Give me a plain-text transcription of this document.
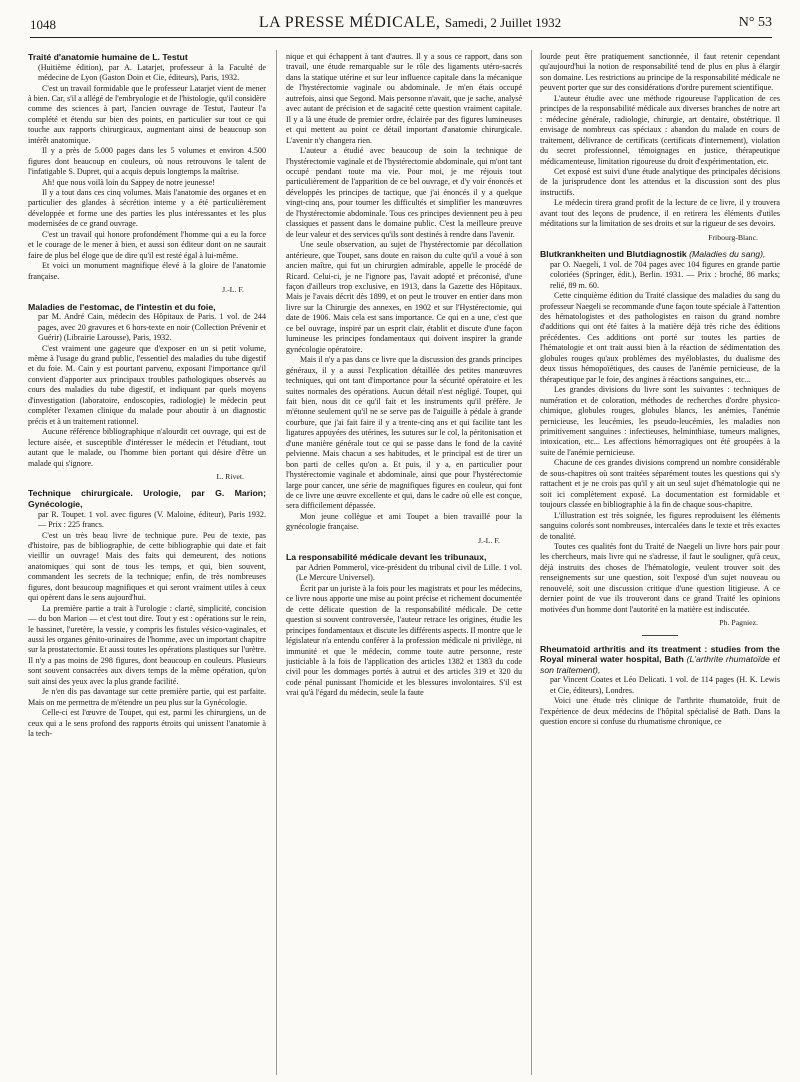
1048	LA PRESSE MÉDICALE, Samedi, 2 Juillet 1932	N° 53
Traité d'anatomie humaine de L. Testut

(Huitième édition), par A. Latarjet, professeur à la Faculté de médecine de Lyon (Gaston Doin et Cie, éditeurs), Paris, 1932.

C'est un travail formidable que le professeur Latarjet vient de mener à bien. Car, s'il a allégé de l'embryologie et de l'histologie, qu'il considère comme des sciences à part, l'ancien ouvrage de Testut, l'auteur l'a complété et étendu sur bien des points, en particulier sur tout ce qui touche aux rapports chirurgicaux, augmentant ainsi de beaucoup son intérêt anatomique.

Il y a près de 5.000 pages dans les 5 volumes et environ 4.500 figures dont beaucoup en couleurs, où nous retrouvons le talent de l'infatigable S. Dupret, qui a acquis depuis longtemps la maîtrise.

Ah! que nous voilà loin du Sappey de notre jeunesse!

Il y a tout dans ces cinq volumes. Mais l'anatomie des organes et en particulier des glandes à sécrétion interne y a été particulièrement développée et forme une des parties les plus intéressantes et les plus modernisées de ce grand ouvrage.

C'est un travail qui honore profondément l'homme qui a eu la force et le courage de le mener à bien, et aussi son éditeur dont on ne saurait faire de plus bel éloge que de dire qu'il est resté égal à lui-même.

Et voici un monument magnifique élevé à la gloire de l'anatomie française.

J.-L. F.
Maladies de l'estomac, de l'intestin et du foie,

par M. André Cain, médecin des Hôpitaux de Paris. 1 vol. de 244 pages, avec 20 gravures et 6 hors-texte en noir (Collection Prévenir et Guérir) (Librairie Larousse), Paris, 1932.

C'est vraiment une gageure que d'exposer en un si petit volume, même à l'usage du grand public, l'essentiel des maladies du tube digestif et du foie. M. Cain y est pourtant parvenu, exposant l'importance qu'il convient d'apporter aux principaux troubles pathologiques observés au cours des maladies du tube digestif, et indiquant par quels moyens d'investigation (laboratoire, endoscopies, radiologie) le médecin peut compléter l'examen clinique du malade pour aboutir à un diagnostic précis et à un traitement rationnel.

Aucune référence bibliographique n'alourdit cet ouvrage, qui est de lecture aisée, et susceptible d'intéresser le médecin et l'étudiant, tout autant que le malade, ou l'homme bien portant qui désire d'être un malade qui s'ignore.

L. Rivet.
Technique chirurgicale. Urologie, par G. Marion; Gynécologie,

par R. Toupet. 1 vol. avec figures (V. Maloine, éditeur), Paris 1932. — Prix : 225 francs.

C'est un très beau livre de technique pure. Peu de texte, pas d'histoire, pas de bibliographie, de cette bibliographie qui date et fait vieillir un ouvrage! Mais des faits qui demeurent, des notions anatomiques qui sont de tous les temps, et qui, bien souvent, commandent les secrets de la technique; enfin, de très nombreuses figures, dont beaucoup magnifiques et qui seront vraiment utiles à ceux qui opèrent dans le sens aujourd'hui.

La première partie a trait à l'urologie : clarté, simplicité, concision — du bon Marion — et c'est tout dire. Tout y est : opérations sur le rein, le bassinet, l'uretère, la vessie, y compris les fistules vésico-vaginales, et aussi les organes génito-urinaires de l'homme, avec un important chapitre sur la prostatectomie. Et aussi toutes les opérations plastiques sur l'urètre. Il n'y a pas moins de 298 figures, dont beaucoup en couleurs. Plusieurs sont souvent consacrées aux divers temps de la même opération, qu'on suit ainsi des yeux avec la plus grande facilité.

Je n'en dis pas davantage sur cette première partie, qui est parfaite. Mais on me permettra de m'étendre un peu plus sur la Gynécologie.

Celle-ci est l'œuvre de Toupet, qui est, parmi les chirurgiens, un de ceux qui a le sens profond des rapports étroits qui unissent l'anatomie à la tech-

nique et qui échappent à tant d'autres. Il y a sous ce rapport, dans son travail, une étude remarquable sur le rôle des ligaments utéro-sacrés dans la statique utérine et sur leur influence capitale dans la mécanique de l'hystérectomie vaginale ou abdominale. Je m'en étais occupé autrefois, ainsi que Segond. Mais personne n'avait, que je sache, analysé avec autant de précision et de sagacité cette question vraiment capitale. Il y a là une étude de premier ordre, éclairée par des figures lumineuses et qui mettent au point ce détail important d'anatomie chirurgicale. L'avenir n'y changera rien.

L'auteur a étudié avec beaucoup de soin la technique de l'hystérectomie vaginale et de l'hystérectomie abdominale, qui m'ont tant occupé pendant toute ma vie. Pour moi, je me réjouis tout particulièrement de l'apparition de ce bel ouvrage, et d'y voir énoncés et développés les principes de tactique, que j'ai énoncés il y a quelque vingt-cinq ans, pour tourner les difficultés et simplifier les manœuvres de l'hystérectomie abdominale. Tous ces principes deviennent peu à peu classiques et passent dans le domaine public. C'est la meilleure preuve de leur valeur et des services qu'ils sont destinés à rendre dans l'avenir.

Une seule observation, au sujet de l'hystérectomie par décollation antérieure, que Toupet, sans doute en raison du culte qu'il a voué à son ancien maître, qui fut un chirurgien admirable, appelle le procédé de Ricard. Celui-ci, je ne l'ignore pas, l'avait adopté et préconisé, d'une façon d'ailleurs trop exclusive, en 1913, dans la Gazette des Hôpitaux. Mais je l'avais décrit dès 1899, et on peut le trouver en entier dans mon livre sur la Chirurgie des annexes, en 1902 et sur l'Hystérectomie, qui date de 1906. Mais cela est sans importance. Ce qui en a une, c'est que ce bel ouvrage, inspiré par un esprit clair, établit et discute d'une façon lumineuse les principes fondamentaux qui doivent inspirer la grande gynécologie opératoire.

Mais il n'y a pas dans ce livre que la discussion des grands principes généraux, il y a aussi l'explication détaillée des petites manœuvres techniques, qui ont tant d'importance pour la sécurité opératoire et les suites normales des opérations. Aucun détail n'est négligé. Toupet, qui fait bien, nous dit ce qu'il fait et les instruments qu'il préfère. Je m'étonne seulement qu'il ne se serve pas de l'aiguille à pédale à grande courbure, que j'ai fait faire il y a trente-cinq ans et qui facilite tant les ligatures appuyées des utérines, les sutures sur le col, la péritonisation et d'une manière générale tout ce qui se passe dans le fond de la cavité pelvienne. Mais chacun a ses habitudes, et le principal est de tirer un bon parti de celles qu'on a. Et puis, il y a, en particulier pour l'hystérectomie vaginale et abdominale, ainsi que pour l'hystérectomie large pour cancer, une série de magnifiques figures en couleur, qui font de ce livre une œuvre excellente et qui, dans le cadre où elle est conçue, sera difficilement dépassée.

Mon jeune collègue et ami Toupet a bien travaillé pour la gynécologie française.

J.-L. F.
La responsabilité médicale devant les tribunaux,

par Adrien Pommerol, vice-président du tribunal civil de Lille. 1 vol. (Le Mercure Universel).

Écrit par un juriste à la fois pour les magistrats et pour les médecins, ce livre nous apporte une mise au point précise et richement documentée de cette délicate question de la responsabilité médicale. De cette question si souvent controversée, l'auteur retrace les origines, étudie les principes fondamentaux et discute les différents aspects. Il montre que le législateur n'a entendu conférer à la profession médicale ni privilège, ni immunité et que le médecin, comme toute autre personne, reste justiciable à la fois de l'application des articles 1382 et 1383 du code civil pour les dommages portés à autrui et des articles 319 et 320 du code pénal punissant l'homicide et les blessures involontaires. S'il est vrai qu'à l'égard du médecin, seule la faute

lourde peut être pratiquement sanctionnée, il faut retenir cependant qu'aujourd'hui la notion de responsabilité tend de plus en plus à élargir son domaine. Les restrictions au principe de la responsabilité médicale ne peuvent porter que sur des considérations d'ordre purement scientifique.

L'auteur étudie avec une méthode rigoureuse l'application de ces principes de la responsabilité médicale aux diverses branches de notre art : médecine générale, radiologie, chirurgie, art dentaire, obstétrique. Il envisage de nombreux cas spéciaux : abandon du malade en cours de traitement, délivrance de certificats (certificats d'internement), violation du secret professionnel, témoignages en justice, thérapeutique médicamenteuse, limitation rigoureuse du droit d'expérimentation, etc.

Cet exposé est suivi d'une étude analytique des principales décisions de la jurisprudence dont les attendus et la discussion sont des plus instructifs.

Le médecin tirera grand profit de la lecture de ce livre, il y trouvera avant tout des leçons de prudence, il en retirera les éléments d'utiles méditations sur la limitation de ses droits et sur la rigueur de ses devoirs.

Fribourg-Blanc.
Blutkrankheiten und Blutdiagnostik (Maladies du sang),

par O. Naegeli, 1 vol. de 704 pages avec 104 figures en grande partie coloriées (Springer, édit.), Berlin. 1931. — Prix : broché, 86 marks; relié, 89 m. 60.

Cette cinquième édition du Traité classique des maladies du sang du professeur Naegeli se recommande d'une façon toute spéciale à l'attention des hématologistes et des pathologistes en raison du grand nombre d'additions qui ont été faites à la matière déjà très riche des éditions précédentes. Ces additions ont porté sur toutes les parties de l'hématologie et ont trait aussi bien à la réaction de sédimentation des globules rouges qu'aux problèmes des myéloblastes, du dualisme des deux tissus hémopoïétiques, des causes de l'anémie pernicieuse, de la thérapeutique par le foie, des angines à réactions sanguines, etc...

Les grandes divisions du livre sont les suivantes : techniques de numération et de coloration, méthodes de recherches d'ordre physico-chimique, globules rouges, globules blancs, les anémies, l'anémie pernicieuse, les leucémies, les pseudo-leucémies, les maladies non primitivement sanguines : infectieuses, helminthiase, tumeurs malignes, intoxication, etc... Les affections hémorragiques ont été groupées à la suite de l'anémie pernicieuse.

Chacune de ces grandes divisions comprend un nombre considérable de sous-chapitres où sont traitées séparément toutes les questions qui s'y rattachent et je ne crois pas qu'il y ait un seul sujet d'hématologie qui ne soit ici complètement exposé. La documentation est formidable et toujours classée en bibliographie à la fin de chaque sous-chapitre.

L'illustration est très soignée, les figures reproduisent les éléments sanguins colorés sont nombreuses, intercalées dans le texte et très exactes de tonalité.

Toutes ces qualités font du Traité de Naegeli un livre hors pair pour les chercheurs, mais livre qui ne s'adresse, il faut le souligner, qu'à ceux, déjà instruits des choses de l'hématologie, veulent trouver soit des renseignements sur une question, soit l'exposé d'un sujet nouveau ou renouvelé, soit une discussion critique d'une question litigieuse. A ce dernier point de vue ils trouveront dans ce grand Traité les opinions motivées d'un homme dont l'autorité en la matière est indiscutée.

Ph. Pagniez.
Rheumatoid arthritis and its treatment : studies from the Royal mineral water hospital, Bath (L'arthrite rhumatoïde et son traitement),

par Vincent Coates et Léo Delicati. 1 vol. de 114 pages (H. K. Lewis et Cie, éditeurs), Londres.

Voici une étude très clinique de l'arthrite rhumatoïde, fruit de l'expérience de deux médecins de l'hôpital spécialisé de Bath. Dans la question encore si confuse du rhumatisme chronique, ce
